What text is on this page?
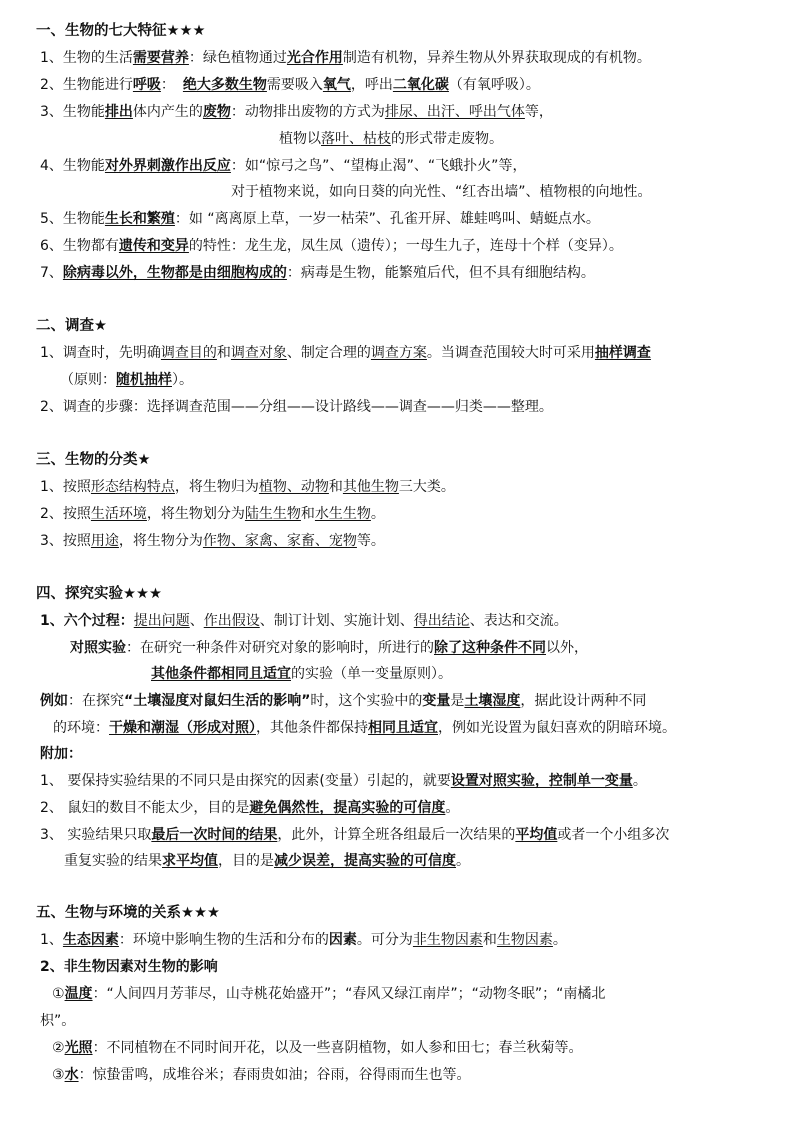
一、生物的七大特征★★★
1、生物的生活需要营养：绿色植物通过光合作用制造有机物，异养生物从外界获取现成的有机物。
2、生物能进行呼吸： 绝大多数生物需要吸入氧气，呼出二氧化碳（有氧呼吸）。
3、生物能排出体内产生的废物：动物排出废物的方式为排尿、出汗、呼出气体等，
植物以落叶、枯枝的形式带走废物。
4、生物能对外界刺激作出反应：如“惊弓之鸟”、“望梅止渴”、“飞蛾扑火”等，
对于植物来说，如向日葵的向光性、“红杏出墙”、植物根的向地性。
5、生物能生长和繁殖：如 “离离原上草，一岁一枯荣”、孔雀开屏、雄蛙鸣叫、蜻蜓点水。
6、生物都有遗传和变异的特性：龙生龙，凤生凤（遗传）；一母生九子，连母十个样（变异）。
7、除病毒以外，生物都是由细胞构成的：病毒是生物，能繁殖后代，但不具有细胞结构。
二、调查★
1、调查时，先明确调查目的和调查对象、制定合理的调查方案。当调查范围较大时可采用抽样调查
（原则：随机抽样）。
2、调查的步骤：选择调查范围——分组——设计路线——调查——归类——整理。
三、生物的分类★
1、按照形态结构特点，将生物归为植物、动物和其他生物三大类。
2、按照生活环境，将生物划分为陆生生物和水生生物。
3、按照用途，将生物分为作物、家禽、家畜、宠物等。
四、探究实验★★★
1、六个过程：提出问题、作出假设、制订计划、实施计划、得出结论、表达和交流。
对照实验：在研究一种条件对研究对象的影响时，所进行的除了这种条件不同以外，
其他条件都相同且适宜的实验（单一变量原则）。
例如：在探究“土壤湿度对鼠妇生活的影响”时，这个实验中的变量是土壤湿度，据此设计两种不同
的环境：干燥和潮湿（形成对照），其他条件都保持相同且适宜，例如光设置为鼠妇喜欢的阴暗环境。
附加：
1、 要保持实验结果的不同只是由探究的因素(变量）引起的，就要设置对照实验，控制单一变量。
2、 鼠妇的数目不能太少，目的是避免偶然性，提高实验的可信度。
3、 实验结果只取最后一次时间的结果，此外，计算全班各组最后一次结果的平均值或者一个小组多次
重复实验的结果求平均值，目的是减少误差，提高实验的可信度。
五、生物与环境的关系★★★
1、生态因素：环境中影响生物的生活和分布的因素。可分为非生物因素和生物因素。
2、非生物因素对生物的影响
①温度：“人间四月芳菲尽，山寺桃花始盛开”；“春风又绿江南岸”；“动物冬眠”；“南橘北
枳”。
②光照：不同植物在不同时间开花，以及一些喜阴植物，如人参和田七；春兰秋菊等。
③水：惊蛰雷鸣，成堆谷米；春雨贵如油；谷雨，谷得雨而生也等。
